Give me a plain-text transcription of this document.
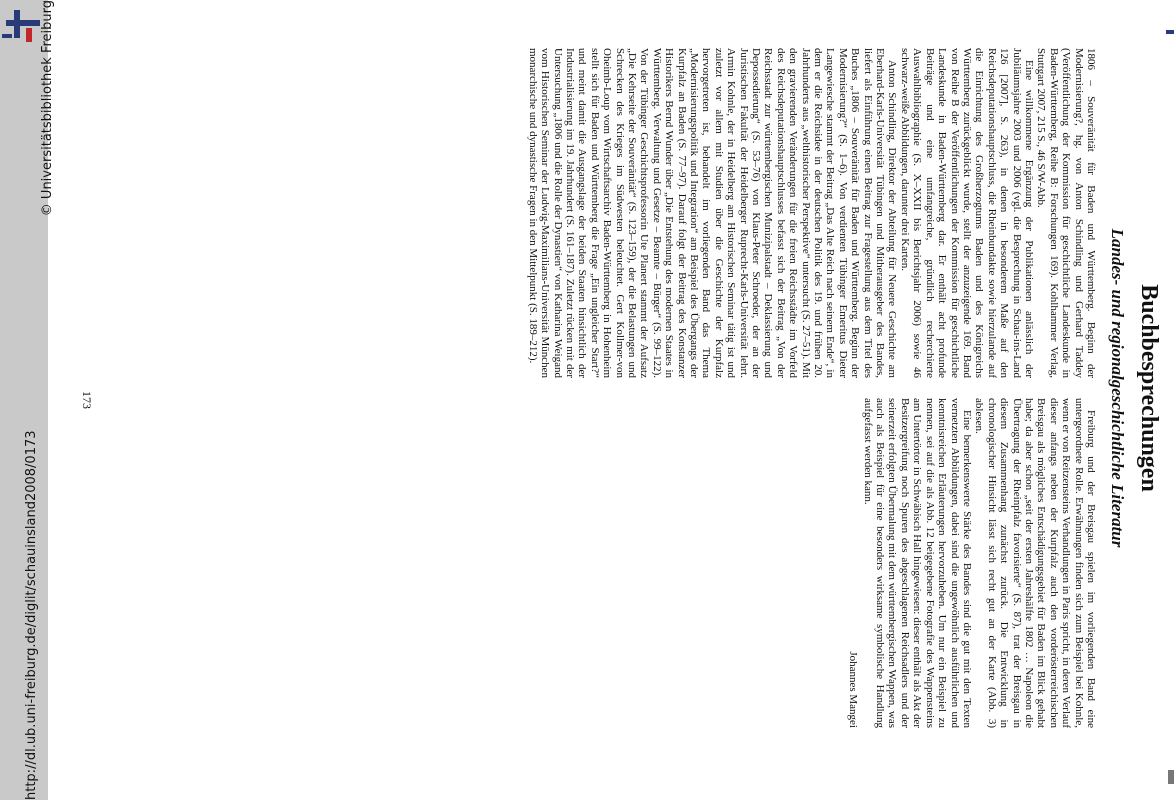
http://dl.ub.uni-freiburg.de/diglit/schauinsland2008/0173
© Universitätsbibliothek Freiburg
Buchbesprechungen
Landes- und regionalgeschichtliche Literatur

1806 – Souveränität für Baden und Württemberg. Beginn der Modernisierung?, hg. von Anton Schindling und Gerhard Taddey (Veröffentlichung der Kommission für geschichtliche Landeskunde in Baden-Württemberg, Reihe B: Forschungen 169). Kohlhammer Verlag, Stuttgart 2007, 215 S., 46 S/W-Abb.

Eine willkommene Ergänzung der Publikationen anlässlich der Jubiläumsjahre 2003 und 2006 (vgl. die Besprechung in Schau-ins-Land 126 [2007], S. 263), in denen in besonderem Maße auf den Reichsdeputationshauptschluss, die Rheinbundakte sowie hierzulande auf die Einrichtung des Großherzogtums Baden und des Königreichs Württemberg zurückgeblickt wurde, stellt der anzuzeigende 169. Band von Reihe B der Veröffentlichungen der Kommission für geschichtliche Landeskunde in Baden-Württemberg dar. Er enthält acht profunde Beiträge und eine umfangreiche, gründlich recherchierte Auswahlbibliographie (S. X–XXII bis Berichtsjahr 2006) sowie 46 schwarz-weiße Abbildungen, darunter drei Karten.

Anton Schindling, Direktor der Abteilung für Neuere Geschichte am Eberhard-Karls-Universität Tübingen und Mitherausgeber des Bandes, liefert als Einführung einen Beitrag zur Fragestellung aus dem Titel des Buches „1806 – Souveränität für Baden und Württemberg. Beginn der Modernisierung?“ (S. 1–6). Von verdienten Tübinger Emeritus Dieter Langewiesche stammt der Beitrag „Das Alte Reich nach seinem Ende“, in dem er die Reichsidee in der deutschen Politik des 19. und frühen 20. Jahrhunderts aus „welthistorischer Perspektive“ untersucht (S. 27–51). Mit den gravierenden Veränderungen für die freien Reichsstädte im Vorfeld des Reichsdeputationshauptschlusses befasst sich der Beitrag „Von der Reichsstadt zur württembergischen Munizipalstadt – Deklassierung und Depossedierung“ (S. 53–76) von Klaus-Peter Schroeder, der an der Juristischen Fakultät der Heidelberger Ruprecht-Karls-Universität lehrt. Armin Kohnle, der in Heidelberg am Historischen Seminar tätig ist und zuletzt vor allem mit Studien über die Geschichte der Kurpfalz hervorgetreten ist, behandelt im vorliegenden Band das Thema „Modernisierungspolitik und Integration“ am Beispiel des Übergangs der Kurpfalz an Baden (S. 77–97). Darauf folgt der Beitrag des Konstanzer Historikers Bernd Wunder über „Die Entstehung des modernen Staates in Württemberg. Verwaltung und Gesetze – Beamte – Bürger“ (S. 99–122). Von der Tübinger Geschichtsprofessorin Ute Planert stammt der Aufsatz „Die Kehrseite der Souveränität“ (S. 123–159), der die Belastungen und Schrecken des Krieges im Südwesten beleuchtet. Gert Kollmer-von Oheimb-Loup vom Wirtschaftsarchiv Baden-Württemberg in Hohenheim stellt sich für Baden und Württemberg die Frage „Ein ungleicher Start?“ und meint damit die Ausgangslage der beiden Staaten hinsichtlich der Industrialisierung im 19. Jahrhundert (S. 161–187). Zuletzt rücken mit der Untersuchung „1806 und die Rolle der Dynastien“ von Katharina Weigand vom Historischen Seminar der Ludwig-Maximilians-Universität München monarchische und dynastische Fragen in den Mittelpunkt (S. 189–212).

Freiburg und der Breisgau spielen im vorliegenden Band eine untergeordnete Rolle. Erwähnungen finden sich zum Beispiel bei Kohnle, wenn er von Reitzensteins Verhandlungen in Paris spricht, in deren Verlauf dieser anfangs neben der Kurpfalz auch den vorderösterreichischen Breisgau als mögliches Entschädigungsgebiet für Baden im Blick gehabt habe; da aber schon „seit der ersten Jahreshälfte 1802 … Napoleon die Übertragung der Rheinpfalz favorisierte“ (S. 87), trat der Breisgau in diesem Zusammenhang zunächst zurück. Die Entwicklung in chronologischer Hinsicht lässt sich recht gut an der Karte (Abb. 3) ablesen.

Eine bemerkenswerte Stärke des Bandes sind die gut mit den Texten vernetzten Abbildungen, dabei sind die ungewöhnlich ausführlichen und kenntnisreichen Erläuterungen hervorzuheben. Um nur ein Beispiel zu nennen, sei auf die als Abb. 12 beigegebene Fotografie des Wappensteins am Untertörtor in Schwäbisch Hall hingewiesen: dieser enthält als Akt der Besitzergreifung noch Spuren des abgeschlagenen Reichsadlers und der seinerzeit erfolgten Übermalung mit dem württembergischen Wappen, was auch als Beispiel für eine besonders wirksame symbolische Handlung aufgefasst werden kann.

Johannes Mangei
173
